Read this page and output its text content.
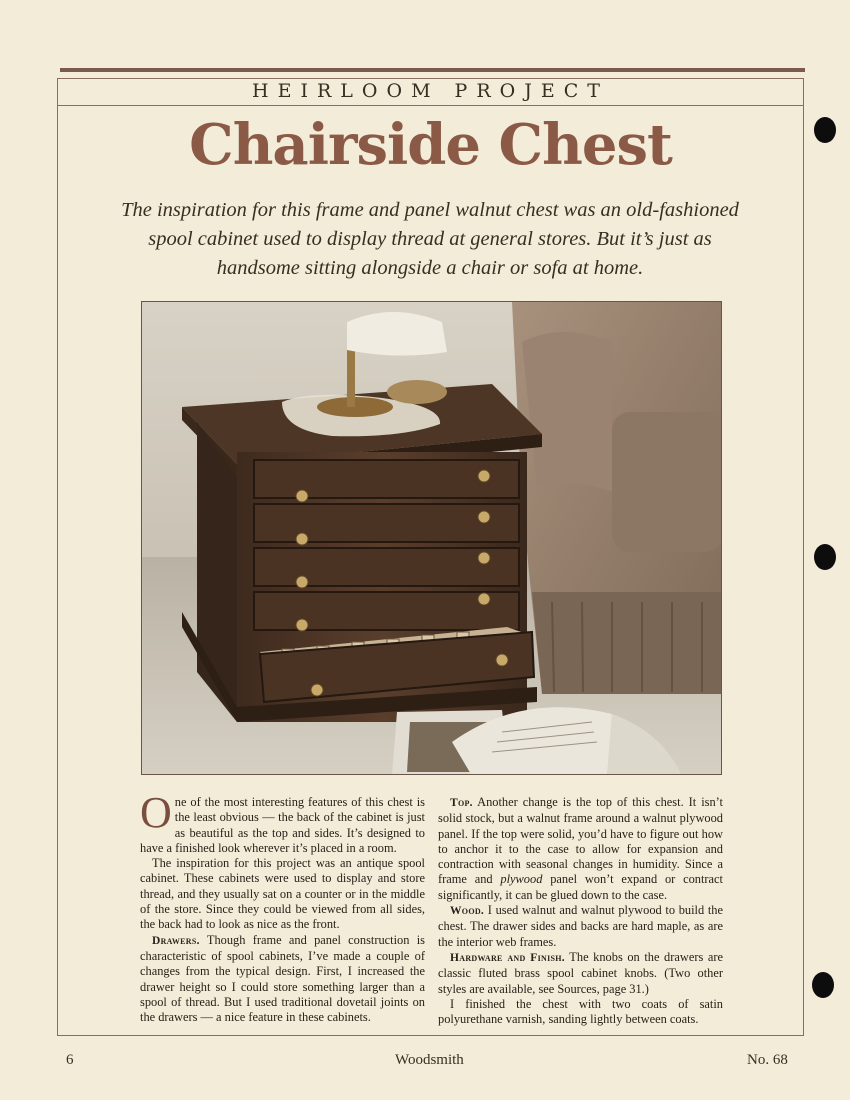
HEIRLOOM PROJECT
Chairside Chest
The inspiration for this frame and panel walnut chest was an old-fashioned spool cabinet used to display thread at general stores. But it’s just as handsome sitting alongside a chair or sofa at home.

One of the most interesting features of this chest is the least obvious — the back of the cabinet is just as beautiful as the top and sides. It’s designed to have a finished look wherever it’s placed in a room.

The inspiration for this project was an antique spool cabinet. These cabinets were used to display and store thread, and they usually sat on a counter or in the middle of the store. Since they could be viewed from all sides, the back had to look as nice as the front.

Drawers. Though frame and panel construction is characteristic of spool cabinets, I’ve made a couple of changes from the typical design. First, I increased the drawer height so I could store something larger than a spool of thread. But I used traditional dovetail joints on the drawers — a nice feature in these cabinets.

Top. Another change is the top of this chest. It isn’t solid stock, but a walnut frame around a walnut plywood panel. If the top were solid, you’d have to figure out how to anchor it to the case to allow for expansion and contraction with seasonal changes in humidity. Since a frame and plywood panel won’t expand or contract significantly, it can be glued down to the case.

Wood. I used walnut and walnut plywood to build the chest. The drawer sides and backs are hard maple, as are the interior web frames.

Hardware and Finish. The knobs on the drawers are classic fluted brass spool cabinet knobs. (Two other styles are available, see Sources, page 31.)

I finished the chest with two coats of satin polyurethane varnish, sanding lightly between coats.

6	Woodsmith	No. 68
